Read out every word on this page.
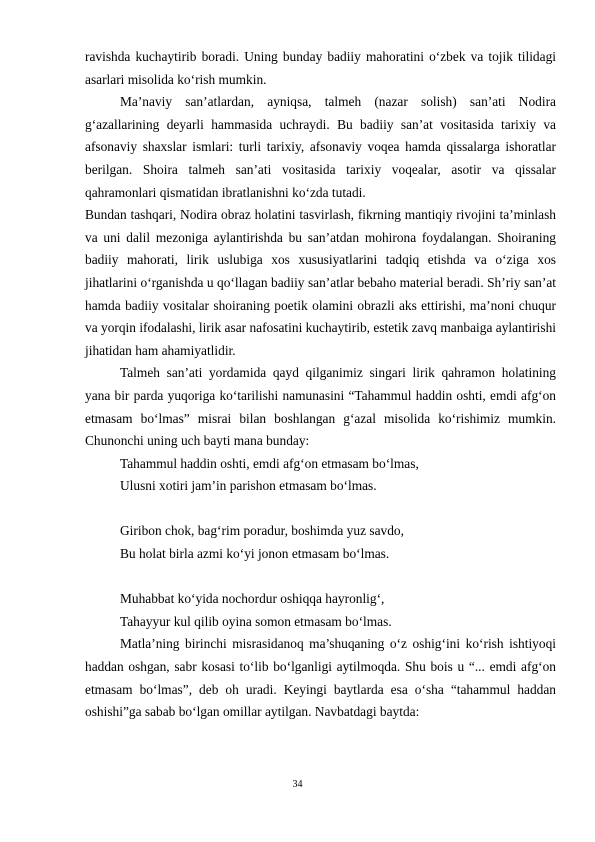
ravishda kuchaytirib boradi. Uning bunday badiiy mahoratini o‘zbek va tojik tilidagi asarlari misolida ko‘rish mumkin.

Ma’naviy san’atlardan, ayniqsa, talmeh (nazar solish) san’ati Nodira g‘azallarining deyarli hammasida uchraydi. Bu badiiy san’at vositasida tarixiy va afsonaviy shaxslar ismlari: turli tarixiy, afsonaviy voqea hamda qissalarga ishoratlar berilgan. Shoira talmeh san’ati vositasida tarixiy voqealar, asotir va qissalar qahramonlari qismatidan ibratlanishni ko‘zda tutadi.

Bundan tashqari, Nodira obraz holatini tasvirlash, fikrning mantiqiy rivojini ta’minlash va uni dalil mezoniga aylantirishda bu san’atdan mohirona foydalangan. Shoiraning badiiy mahorati, lirik uslubiga xos xususiyatlarini tadqiq etishda va o‘ziga xos jihatlarini o‘rganishda u qo‘llagan badiiy san’atlar bebaho material beradi. Sh’riy san’at hamda badiiy vositalar shoiraning poetik olamini obrazli aks ettirishi, ma’noni chuqur va yorqin ifodalashi, lirik asar nafosatini kuchaytirib, estetik zavq manbaiga aylantirishi jihatidan ham ahamiyatlidir.

Talmeh san’ati yordamida qayd qilganimiz singari lirik qahramon holatining yana bir parda yuqoriga ko‘tarilishi namunasini “Tahammul haddin oshti, emdi afg‘on etmasam bo‘lmas” misrai bilan boshlangan g‘azal misolida ko‘rishimiz mumkin. Chunonchi uning uch bayti mana bunday:

Tahammul haddin oshti, emdi afg‘on etmasam bo‘lmas,

Ulusni xotiri jam’in parishon etmasam bo‘lmas.

Giribon chok, bag‘rim poradur, boshimda yuz savdo,

Bu holat birla azmi ko‘yi jonon etmasam bo‘lmas.

Muhabbat ko‘yida nochordur oshiqqa hayronlig‘,

Tahayyur kul qilib oyina somon etmasam bo‘lmas.

Matla’ning birinchi misrasidanoq ma’shuqaning o‘z oshig‘ini ko‘rish ishtiyoqi haddan oshgan, sabr kosasi to‘lib bo‘lganligi aytilmoqda. Shu bois u “... emdi afg‘on etmasam bo‘lmas”, deb oh uradi. Keyingi baytlarda esa o‘sha “tahammul haddan oshishi”ga sabab bo‘lgan omillar aytilgan. Navbatdagi baytda:

34
